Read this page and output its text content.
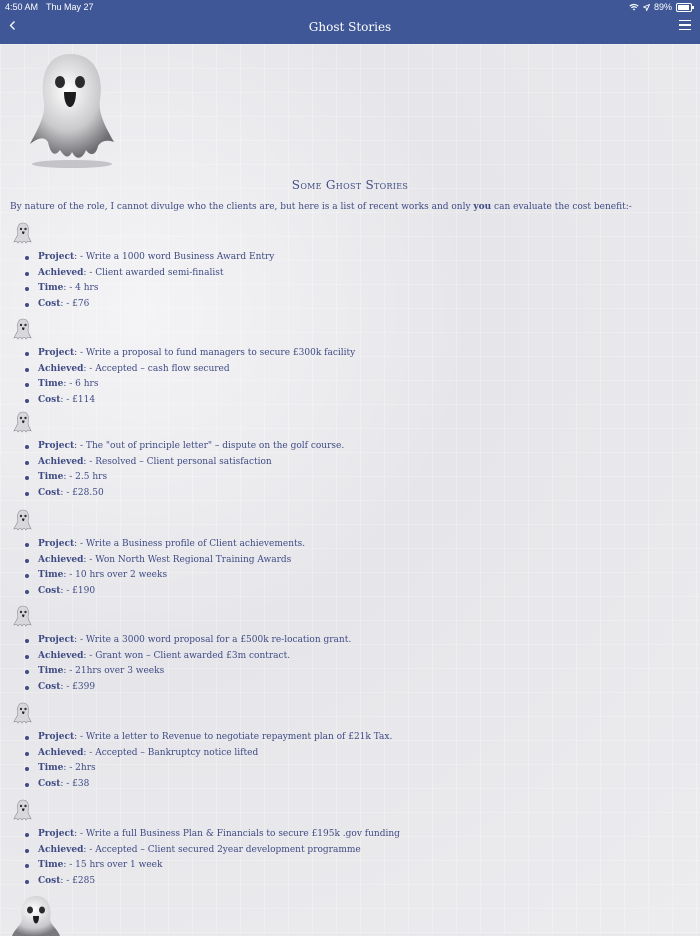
4:50 AM Thu May 27	89%
Ghost Stories
Some Ghost Stories

By nature of the role, I cannot divulge who the clients are, but here is a list of recent works and only you can evaluate the cost benefit:-

Project: - Write a 1000 word Business Award Entry
Achieved: - Client awarded semi-finalist
Time: - 4 hrs
Cost: - £76
Project: - Write a proposal to fund managers to secure £300k facility
Achieved: - Accepted – cash flow secured
Time: - 6 hrs
Cost: - £114
Project: - The "out of principle letter" – dispute on the golf course.
Achieved: - Resolved – Client personal satisfaction
Time: - 2.5 hrs
Cost: - £28.50
Project: - Write a Business profile of Client achievements.
Achieved: - Won North West Regional Training Awards
Time: - 10 hrs over 2 weeks
Cost: - £190
Project: - Write a 3000 word proposal for a £500k re-location grant.
Achieved: - Grant won – Client awarded £3m contract.
Time: - 21hrs over 3 weeks
Cost: - £399
Project: - Write a letter to Revenue to negotiate repayment plan of £21k Tax.
Achieved: - Accepted – Bankruptcy notice lifted
Time: - 2hrs
Cost: - £38
Project: - Write a full Business Plan & Financials to secure £195k .gov funding
Achieved: - Accepted – Client secured 2year development programme
Time: - 15 hrs over 1 week
Cost: - £285
